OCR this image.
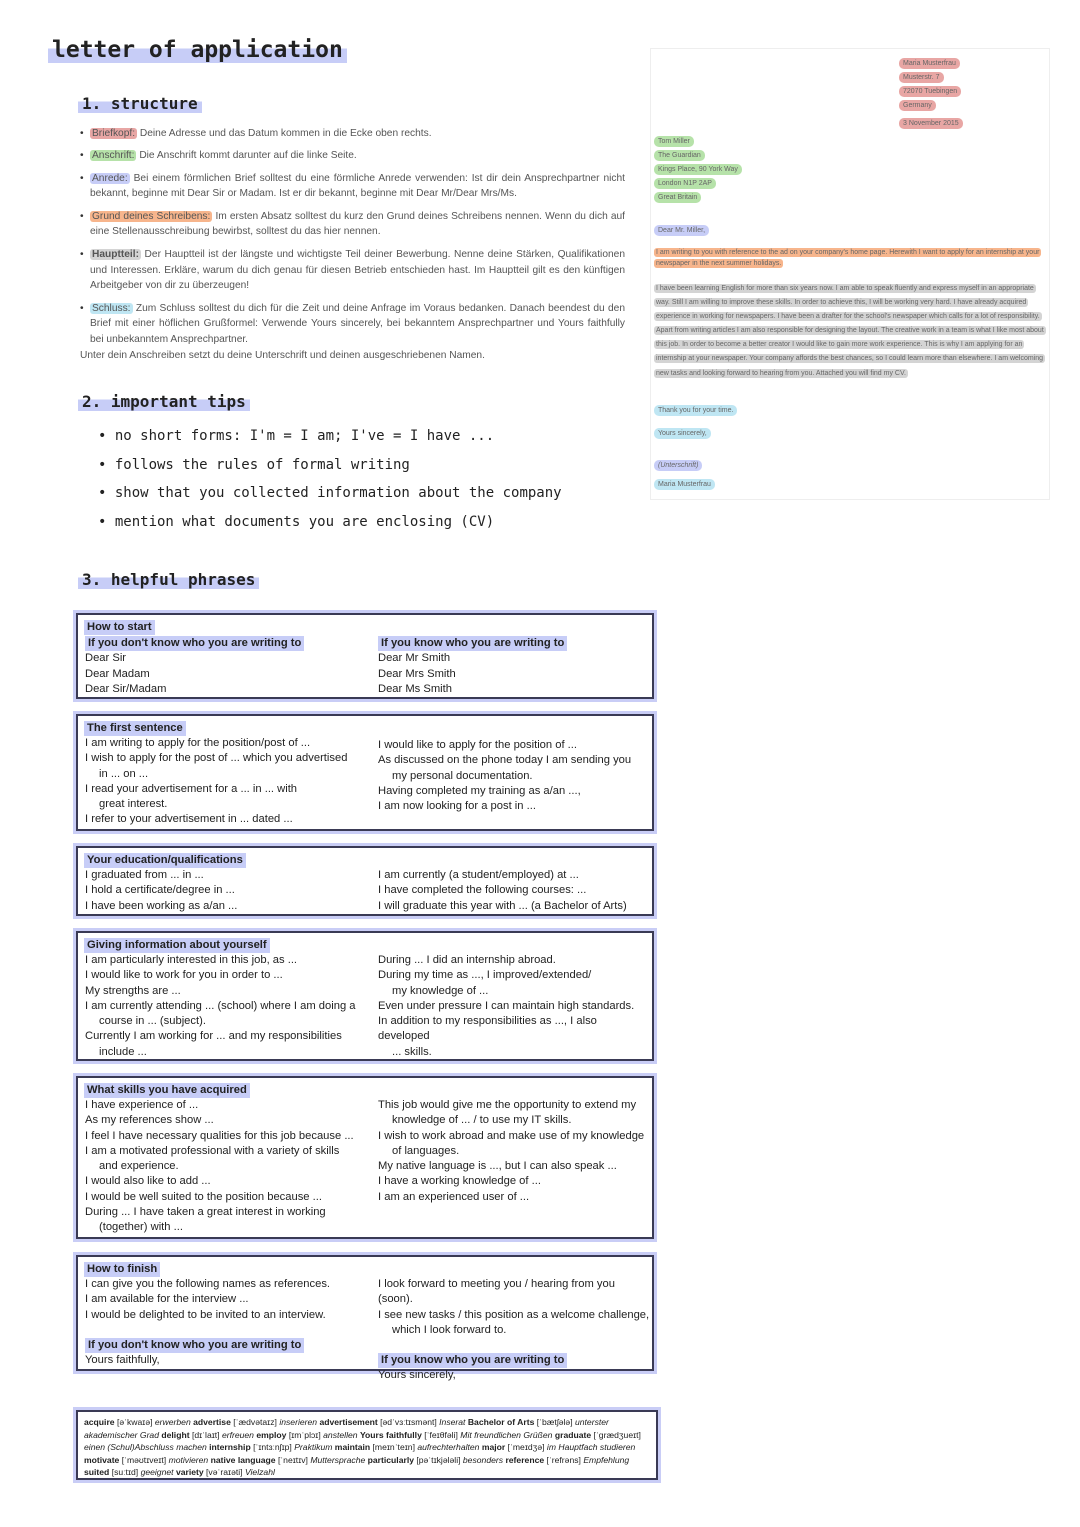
letter of application
1. structure
• Briefkopf: Deine Adresse und das Datum kommen in die Ecke oben rechts.
• Anschrift: Die Anschrift kommt darunter auf die linke Seite.
• Anrede: Bei einem förmlichen Brief solltest du eine förmliche Anrede verwenden: Ist dir dein Ansprechpartner nicht bekannt, beginne mit Dear Sir or Madam. Ist er dir bekannt, beginne mit Dear Mr/Dear Mrs/Ms.
• Grund deines Schreibens: Im ersten Absatz solltest du kurz den Grund deines Schreibens nennen. Wenn du dich auf eine Stellenausschreibung bewirbst, solltest du das hier nennen.
• Hauptteil: Der Hauptteil ist der längste und wichtigste Teil deiner Bewerbung. Nenne deine Stärken, Qualifikationen und Interessen. Erkläre, warum du dich genau für diesen Betrieb entschieden hast. Im Hauptteil gilt es den künftigen Arbeitgeber von dir zu überzeugen!
• Schluss: Zum Schluss solltest du dich für die Zeit und deine Anfrage im Voraus bedanken. Danach beendest du den Brief mit einer höflichen Grußformel: Verwende Yours sincerely, bei bekanntem Ansprechpartner und Yours faithfully bei unbekanntem Ansprechpartner.
Unter dein Anschreiben setzt du deine Unterschrift und deinen ausgeschriebenen Namen.
2. important tips
• no short forms: I'm = I am; I've = I have ...
• follows the rules of formal writing
• show that you collected information about the company
• mention what documents you are enclosing (CV)
3. helpful phrases
How to start
If you don't know who you are writing to
Dear Sir
Dear Madam
Dear Sir/Madam
If you know who you are writing to
Dear Mr Smith
Dear Mrs Smith
Dear Ms Smith
The first sentence
I am writing to apply for the position/post of ...
I wish to apply for the post of ... which you advertised
in ... on ...
I read your advertisement for a ... in ... with
great interest.
I refer to your advertisement in ... dated ...
I would like to apply for the position of ...
As discussed on the phone today I am sending you
my personal documentation.
Having completed my training as a/an ...,
I am now looking for a post in ...
Your education/qualifications
I graduated from ... in ...
I hold a certificate/degree in ...
I have been working as a/an ...
I am currently (a student/employed) at ...
I have completed the following courses: ...
I will graduate this year with ... (a Bachelor of Arts)
Giving information about yourself
I am particularly interested in this job, as ...
I would like to work for you in order to ...
My strengths are ...
I am currently attending ... (school) where I am doing a
course in ... (subject).
Currently I am working for ... and my responsibilities
include ...
During ... I did an internship abroad.
During my time as ..., I improved/extended/
my knowledge of ...
Even under pressure I can maintain high standards.
In addition to my responsibilities as ..., I also developed
... skills.
What skills you have acquired
I have experience of ...
As my references show ...
I feel I have necessary qualities for this job because ...
I am a motivated professional with a variety of skills
and experience.
I would also like to add ...
I would be well suited to the position because ...
During ... I have taken a great interest in working
(together) with ...
This job would give me the opportunity to extend my
knowledge of ... / to use my IT skills.
I wish to work abroad and make use of my knowledge
of languages.
My native language is ..., but I can also speak ...
I have a working knowledge of ...
I am an experienced user of ...
How to finish
I can give you the following names as references.
I am available for the interview ...
I would be delighted to be invited to an interview.
If you don't know who you are writing to
Yours faithfully,
I look forward to meeting you / hearing from you (soon).
I see new tasks / this position as a welcome challenge,
which I look forward to.
If you know who you are writing to
Yours sincerely,
acquire [əˈkwaɪə] erwerben advertise [ˈædvətaɪz] inserieren advertisement [ədˈvɜːtɪsmənt] Inserat Bachelor of Arts [ˈbætʃələ] unterster akademischer Grad delight [dɪˈlaɪt] erfreuen employ [ɪmˈplɔɪ] anstellen Yours faithfully [ˈfeɪθfəli] Mit freundlichen Grüßen graduate [ˈɡrædʒueɪt] einen (Schul)Abschluss machen internship [ˈɪntɜːnʃɪp] Praktikum maintain [meɪnˈteɪn] aufrechterhalten major [ˈmeɪdʒə] im Hauptfach studieren motivate [ˈməʊtɪveɪt] motivieren native language [ˈneɪtɪv] Muttersprache particularly [pəˈtɪkjələli] besonders reference [ˈrefrəns] Empfehlung suited [suːtɪd] geeignet variety [vəˈraɪəti] Vielzahl
Maria Musterfrau
Musterstr. 7
72070 Tuebingen
Germany
3 November 2015
Tom Miller
The Guardian
Kings Place, 90 York Way
London N1P 2AP
Great Britain
Dear Mr. Miller,
I am writing to you with reference to the ad on your company's home page. Herewith I want to apply for an internship at your newspaper in the next summer holidays.
I have been learning English for more than six years now. I am able to speak fluently and express myself in an appropriate way. Still I am willing to improve these skills. In order to achieve this, I will be working very hard. I have already acquired experience in working for newspapers. I have been a drafter for the school's newspaper which calls for a lot of responsibility. Apart from writing articles I am also responsible for designing the layout. The creative work in a team is what I like most about this job. In order to become a better creator I would like to gain more work experience. This is why I am applying for an internship at your newspaper. Your company affords the best chances, so I could learn more than elsewhere. I am welcoming new tasks and looking forward to hearing from you. Attached you will find my CV.
Thank you for your time.
Yours sincerely,
(Unterschrift)
Maria Musterfrau
